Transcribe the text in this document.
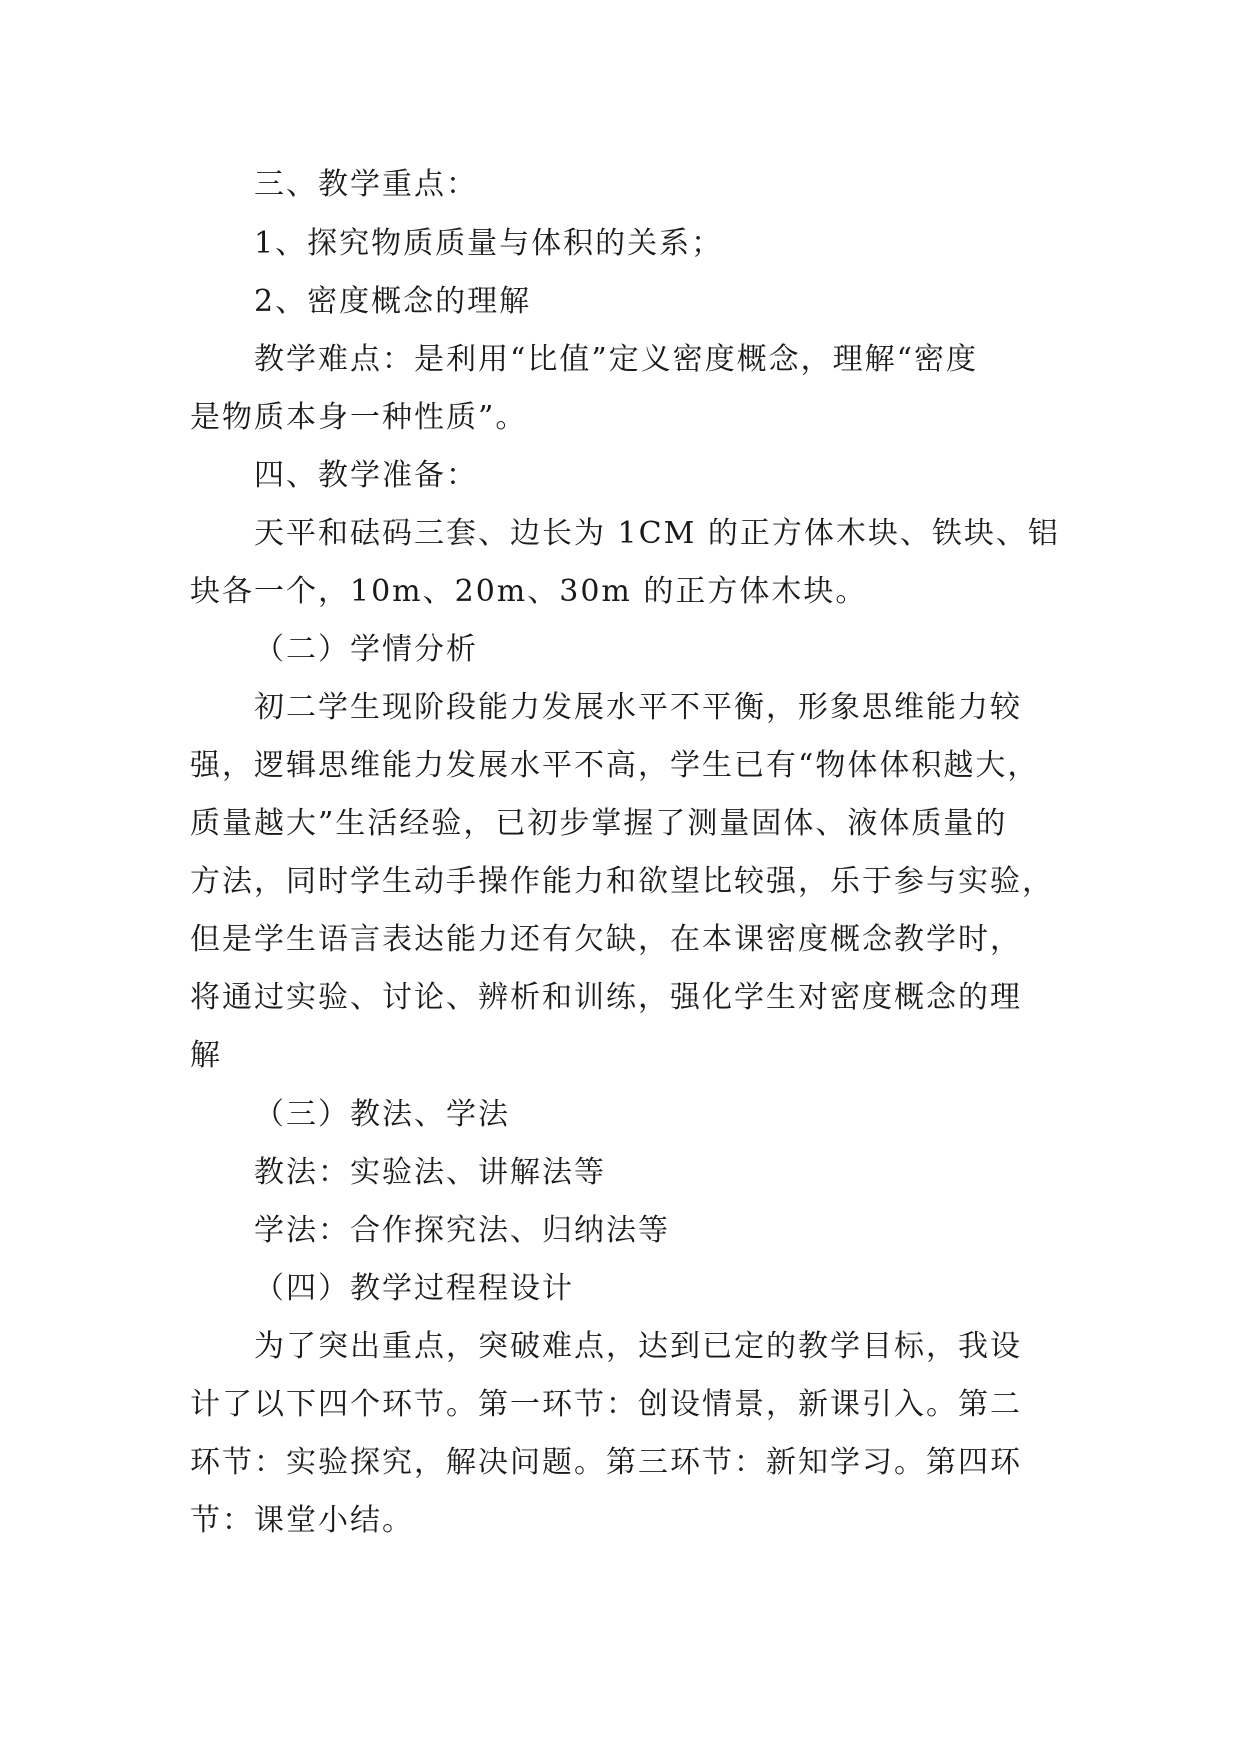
三、教学重点：
1、探究物质质量与体积的关系；
2、密度概念的理解
教学难点：是利用“比值”定义密度概念，理解“密度
是物质本身一种性质”。
四、教学准备：
天平和砝码三套、边长为 1CM 的正方体木块、铁块、铝
块各一个，10m、20m、30m 的正方体木块。
（二）学情分析
初二学生现阶段能力发展水平不平衡，形象思维能力较
强，逻辑思维能力发展水平不高，学生已有“物体体积越大，
质量越大”生活经验，已初步掌握了测量固体、液体质量的
方法，同时学生动手操作能力和欲望比较强，乐于参与实验，
但是学生语言表达能力还有欠缺，在本课密度概念教学时，
将通过实验、讨论、辨析和训练，强化学生对密度概念的理
解
（三）教法、学法
教法：实验法、讲解法等
学法：合作探究法、归纳法等
（四）教学过程程设计
为了突出重点，突破难点，达到已定的教学目标，我设
计了以下四个环节。第一环节：创设情景，新课引入。第二
环节：实验探究，解决问题。第三环节：新知学习。第四环
节：课堂小结。
